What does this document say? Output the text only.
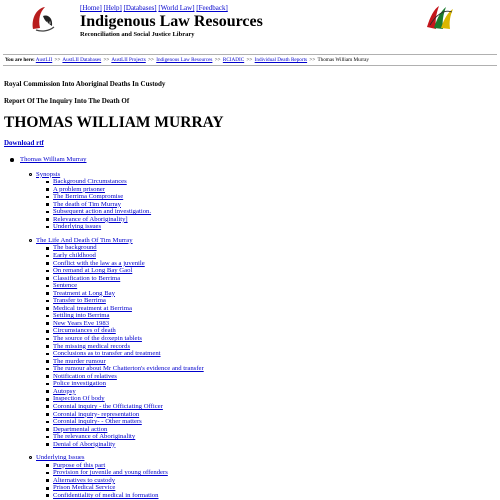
AustLII
[Home] [Help] [Databases] [World Law] [Feedback]
Indigenous Law Resources
Reconciliation and Social Justice Library
You are here: AustLII >> AustLII Databases >> AustLII Projects >> Indigenous Law Resources >> RCIADIC >> Individual Death Reports >> Thomas William Murray
Royal Commission Into Aboriginal Deaths In Custody
Report Of The Inquiry Into The Death Of
THOMAS WILLIAM MURRAY
Download rtf
Thomas William Murray
Synopsis
Background Circumstances
A problem prisoner
The Berrima Compromise
The death of Tim Murray
Subsequent action and investigation.
Relevance of Aboriginality]
Underlying issues
The Life And Death Of Tim Murray
The background
Early childhood
Conflict with the law as a juvenile
On remand at Long Bay Gaol
Classification to Berrima
Sentence
Treatment at Long Bay
Transfer to Berrima
Medical treatment at Berrima
Settling into Berrima
New Years Eve 1983
Circumstances of death
The source of the doxepin tablets
The missing medical records
Conclusions as to transfer and treatment
The murder rumour
The rumour about Mr Chatterton's evidence and transfer
Notification of relatives
Police investigation
Autopsy
Inspection Of body
Coronial inquiry - the Officiating Officer
Coronial inquiry- representation
Coronial inquiry- - Other matters
Departmental action
The relevance of Aboriginality
Denial of Aboriginality
Underlying Issues
Purpose of this part
Provision for juvenile and young offenders
Alternatives to custody
Prison Medical Service
Confidentiality of medical in formation
